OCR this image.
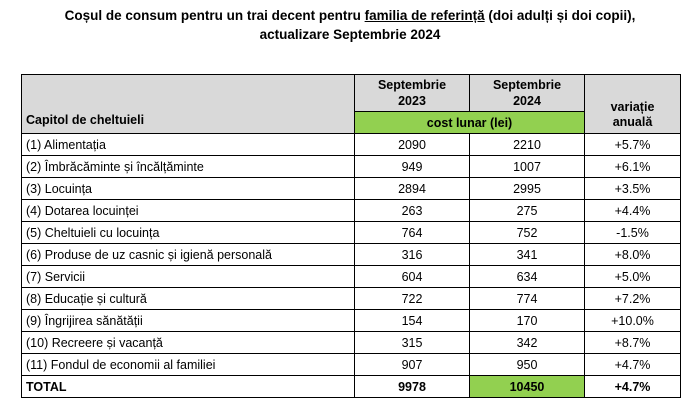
Coșul de consum pentru un trai decent pentru familia de referință (doi adulți și doi copii),
actualizare Septembrie 2024
Capitol de cheltuieli	Septembrie 2023	Septembrie 2024	variație anuală

	cost lunar (lei)		
(1) Alimentația	2090	2210	+5.7%
(2) Îmbrăcăminte și încălțăminte	949	1007	+6.1%
(3) Locuința	2894	2995	+3.5%
(4) Dotarea locuinței	263	275	+4.4%
(5) Cheltuieli cu locuința	764	752	-1.5%
(6) Produse de uz casnic și igienă personală	316	341	+8.0%
(7) Servicii	604	634	+5.0%
(8) Educație și cultură	722	774	+7.2%
(9) Îngrijirea sănătății	154	170	+10.0%
(10) Recreere și vacanță	315	342	+8.7%
(11) Fondul de economii al familiei	907	950	+4.7%
TOTAL	9978	10450	+4.7%
